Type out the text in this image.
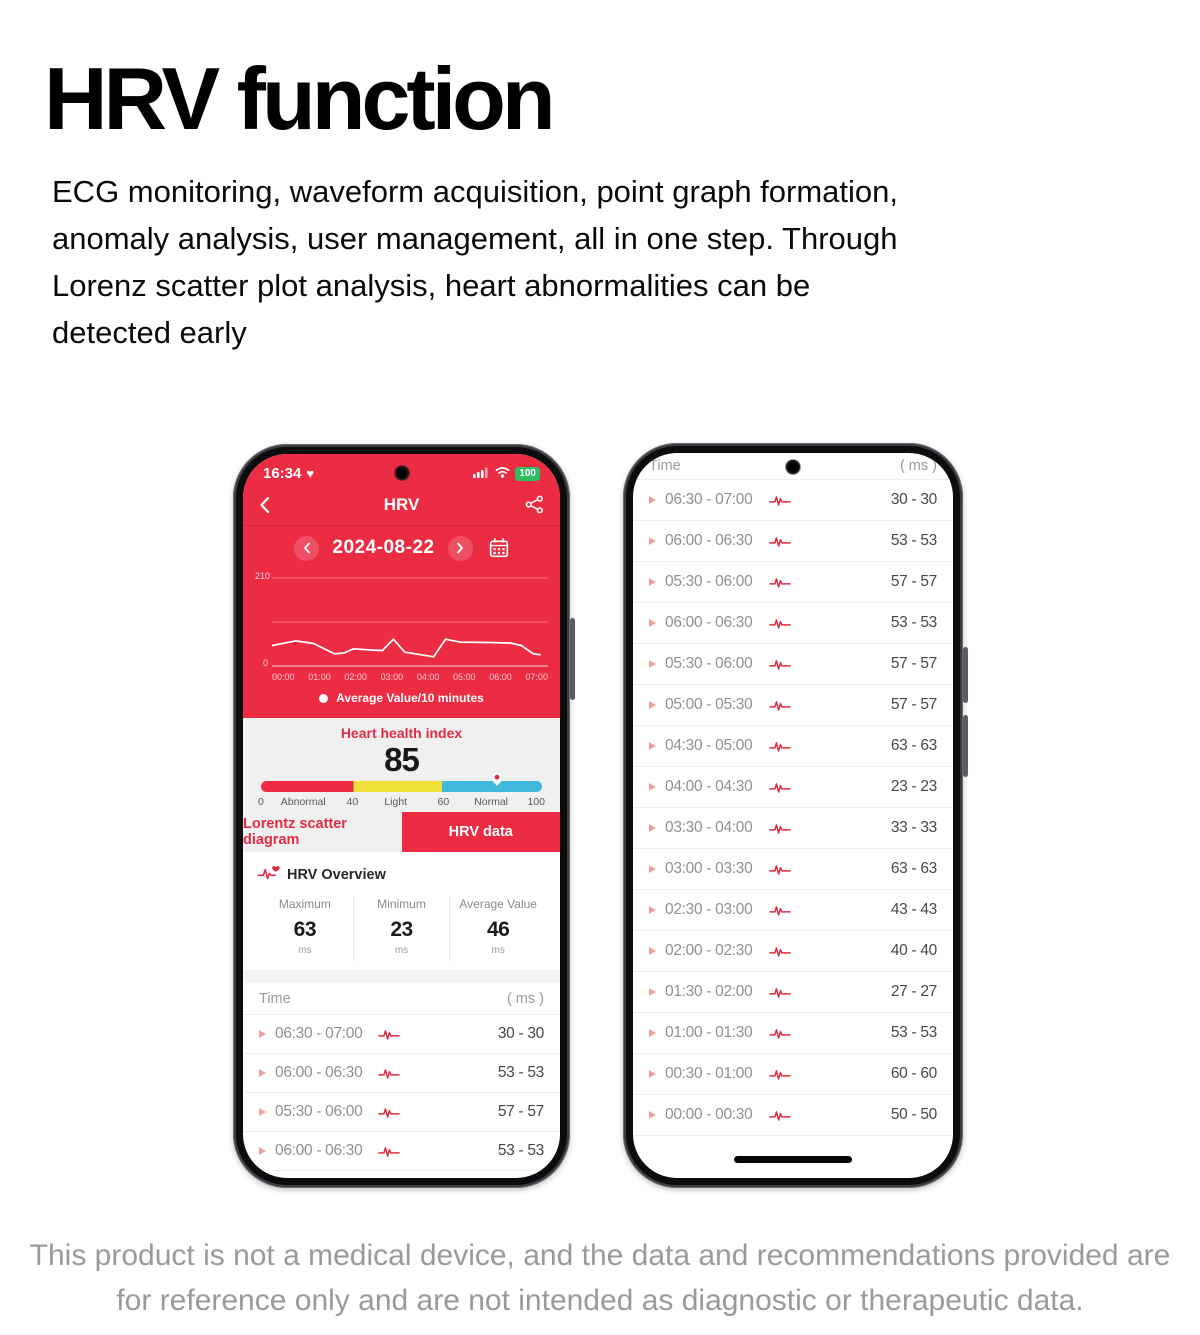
HRV function
ECG monitoring, waveform acquisition, point graph formation,
anomaly analysis, user management, all in one step. Through
Lorenz scatter plot analysis, heart abnormalities can be
detected early
16:34 ♥	100
HRV
2024-08-22
210
0
00:00 01:00 02:00 03:00 04:00 05:00 06:00 07:00
Average Value/10 minutes
Heart health index
85
0 Abnormal 40 Light	60 Normal 100
Lorentz scatter diagram	HRV data
HRV Overview
Maximum
63
ms
Minimum
23
ms
Average Value
46
ms
Time	( ms )
06:30 - 07:00	30 - 30
06:00 - 06:30	53 - 53
05:30 - 06:00	57 - 57
06:00 - 06:30	53 - 53
Time	( ms )
06:30 - 07:00	30 - 30
06:00 - 06:30	53 - 53
05:30 - 06:00	57 - 57
06:00 - 06:30	53 - 53
05:30 - 06:00	57 - 57
05:00 - 05:30	57 - 57
04:30 - 05:00	63 - 63
04:00 - 04:30	23 - 23
03:30 - 04:00	33 - 33
03:00 - 03:30	63 - 63
02:30 - 03:00	43 - 43
02:00 - 02:30	40 - 40
01:30 - 02:00	27 - 27
01:00 - 01:30	53 - 53
00:30 - 01:00	60 - 60
00:00 - 00:30	50 - 50
This product is not a medical device, and the data and recommendations provided are
for reference only and are not intended as diagnostic or therapeutic data.
